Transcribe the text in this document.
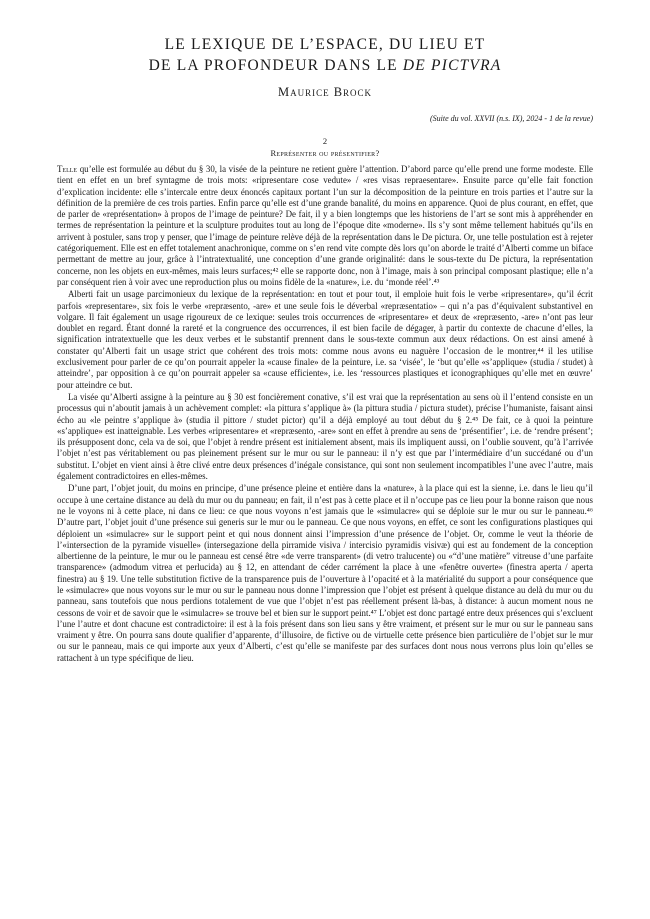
LE LEXIQUE DE L’ESPACE, DU LIEU ET
DE LA PROFONDEUR DANS LE DE PICTVRA
Maurice Brock
(Suite du vol. XXVII (n.s. IX), 2024 - 1 de la revue)
2
Représenter ou présentifier?

Telle qu’elle est formulée au début du § 30, la visée de la peinture ne retient guère l’attention. D’abord parce qu’elle prend une forme modeste. Elle tient en effet en un bref syntagme de trois mots: «ripresentare cose vedute» / «res visas repraesentare». Ensuite parce qu’elle fait fonction d’explication incidente: elle s’intercale entre deux énoncés capitaux portant l’un sur la décomposition de la peinture en trois parties et l’autre sur la définition de la première de ces trois parties. Enfin parce qu’elle est d’une grande banalité, du moins en apparence. Quoi de plus courant, en effet, que de parler de «représentation» à propos de l’image de peinture? De fait, il y a bien longtemps que les historiens de l’art se sont mis à appréhender en termes de représentation la peinture et la sculpture produites tout au long de l’époque dite «moderne». Ils s’y sont même tellement habitués qu’ils en arrivent à postuler, sans trop y penser, que l’image de peinture relève déjà de la représentation dans le De pictura. Or, une telle postulation est à rejeter catégoriquement. Elle est en effet totalement anachronique, comme on s’en rend vite compte dès lors qu’on aborde le traité d’Alberti comme un biface permettant de mettre au jour, grâce à l’intratextualité, une conception d’une grande originalité: dans le sous-texte du De pictura, la représentation concerne, non les objets en eux-mêmes, mais leurs surfaces;⁴² elle se rapporte donc, non à l’image, mais à son principal composant plastique; elle n’a par conséquent rien à voir avec une reproduction plus ou moins fidèle de la «nature», i.e. du ‘monde réel’.⁴³

Alberti fait un usage parcimonieux du lexique de la représentation: en tout et pour tout, il emploie huit fois le verbe «ripresentare», qu’il écrit parfois «representare», six fois le verbe «repræsento, -are» et une seule fois le déverbal «repræsentatio» – qui n’a pas d’équivalent substantivel en volgare. Il fait également un usage rigoureux de ce lexique: seules trois occurrences de «ripresentare» et deux de «repræsento, -are» n’ont pas leur doublet en regard. Étant donné la rareté et la congruence des occurrences, il est bien facile de dégager, à partir du contexte de chacune d’elles, la signification intratextuelle que les deux verbes et le substantif prennent dans le sous-texte commun aux deux rédactions. On est ainsi amené à constater qu’Alberti fait un usage strict que cohérent des trois mots: comme nous avons eu naguère l’occasion de le montrer,⁴⁴ il les utilise exclusivement pour parler de ce qu’on pourrait appeler la «cause finale» de la peinture, i.e. sa ‘visée’, le ‘but qu’elle «s’applique» (studia / studet) à atteindre’, par opposition à ce qu’on pourrait appeler sa «cause efficiente», i.e. les ‘ressources plastiques et iconographiques qu’elle met en œuvre’ pour atteindre ce but.

La visée qu’Alberti assigne à la peinture au § 30 est foncièrement conative, s’il est vrai que la représentation au sens où il l’entend consiste en un processus qui n’aboutit jamais à un achèvement complet: «la pittura s’applique à» (la pittura studia / pictura studet), précise l’humaniste, faisant ainsi écho au «le peintre s’applique à» (studia il pittore / studet pictor) qu’il a déjà employé au tout début du § 2.⁴⁵ De fait, ce à quoi la peinture «s’applique» est inatteignable. Les verbes «ripresentare» et «repræsento, -are» sont en effet à prendre au sens de ‘présentifier’, i.e. de ‘rendre présent’; ils présupposent donc, cela va de soi, que l’objet à rendre présent est initialement absent, mais ils impliquent aussi, on l’oublie souvent, qu’à l’arrivée l’objet n’est pas véritablement ou pas pleinement présent sur le mur ou sur le panneau: il n’y est que par l’intermédiaire d’un succédané ou d’un substitut. L’objet en vient ainsi à être clivé entre deux présences d’inégale consistance, qui sont non seulement incompatibles l’une avec l’autre, mais également contradictoires en elles-mêmes.

D’une part, l’objet jouit, du moins en principe, d’une présence pleine et entière dans la «nature», à la place qui est la sienne, i.e. dans le lieu qu’il occupe à une certaine distance au delà du mur ou du panneau; en fait, il n’est pas à cette place et il n’occupe pas ce lieu pour la bonne raison que nous ne le voyons ni à cette place, ni dans ce lieu: ce que nous voyons n’est jamais que le «simulacre» qui se déploie sur le mur ou sur le panneau.⁴⁶ D’autre part, l’objet jouit d’une présence sui generis sur le mur ou le panneau. Ce que nous voyons, en effet, ce sont les configurations plastiques qui déploient un «simulacre» sur le support peint et qui nous donnent ainsi l’impression d’une présence de l’objet. Or, comme le veut la théorie de l’«intersection de la pyramide visuelle» (intersegazione della pirramide visiva / intercisio pyramidis visivæ) qui est au fondement de la conception albertienne de la peinture, le mur ou le panneau est censé être «de verre transparent» (di vetro tralucente) ou «“d’une matière” vitreuse d’une parfaite transparence» (admodum vitrea et perlucida) au § 12, en attendant de céder carrément la place à une «fenêtre ouverte» (finestra aperta / aperta finestra) au § 19. Une telle substitution fictive de la transparence puis de l’ouverture à l’opacité et à la matérialité du support a pour conséquence que le «simulacre» que nous voyons sur le mur ou sur le panneau nous donne l’impression que l’objet est présent à quelque distance au delà du mur ou du panneau, sans toutefois que nous perdions totalement de vue que l’objet n’est pas réellement présent là-bas, à distance: à aucun moment nous ne cessons de voir et de savoir que le «simulacre» se trouve bel et bien sur le support peint.⁴⁷ L’objet est donc partagé entre deux présences qui s’excluent l’une l’autre et dont chacune est contradictoire: il est à la fois présent dans son lieu sans y être vraiment, et présent sur le mur ou sur le panneau sans vraiment y être. On pourra sans doute qualifier d’apparente, d’illusoire, de fictive ou de virtuelle cette présence bien particulière de l’objet sur le mur ou sur le panneau, mais ce qui importe aux yeux d’Alberti, c’est qu’elle se manifeste par des surfaces dont nous nous verrons plus loin qu’elles se rattachent à un type spécifique de lieu.
